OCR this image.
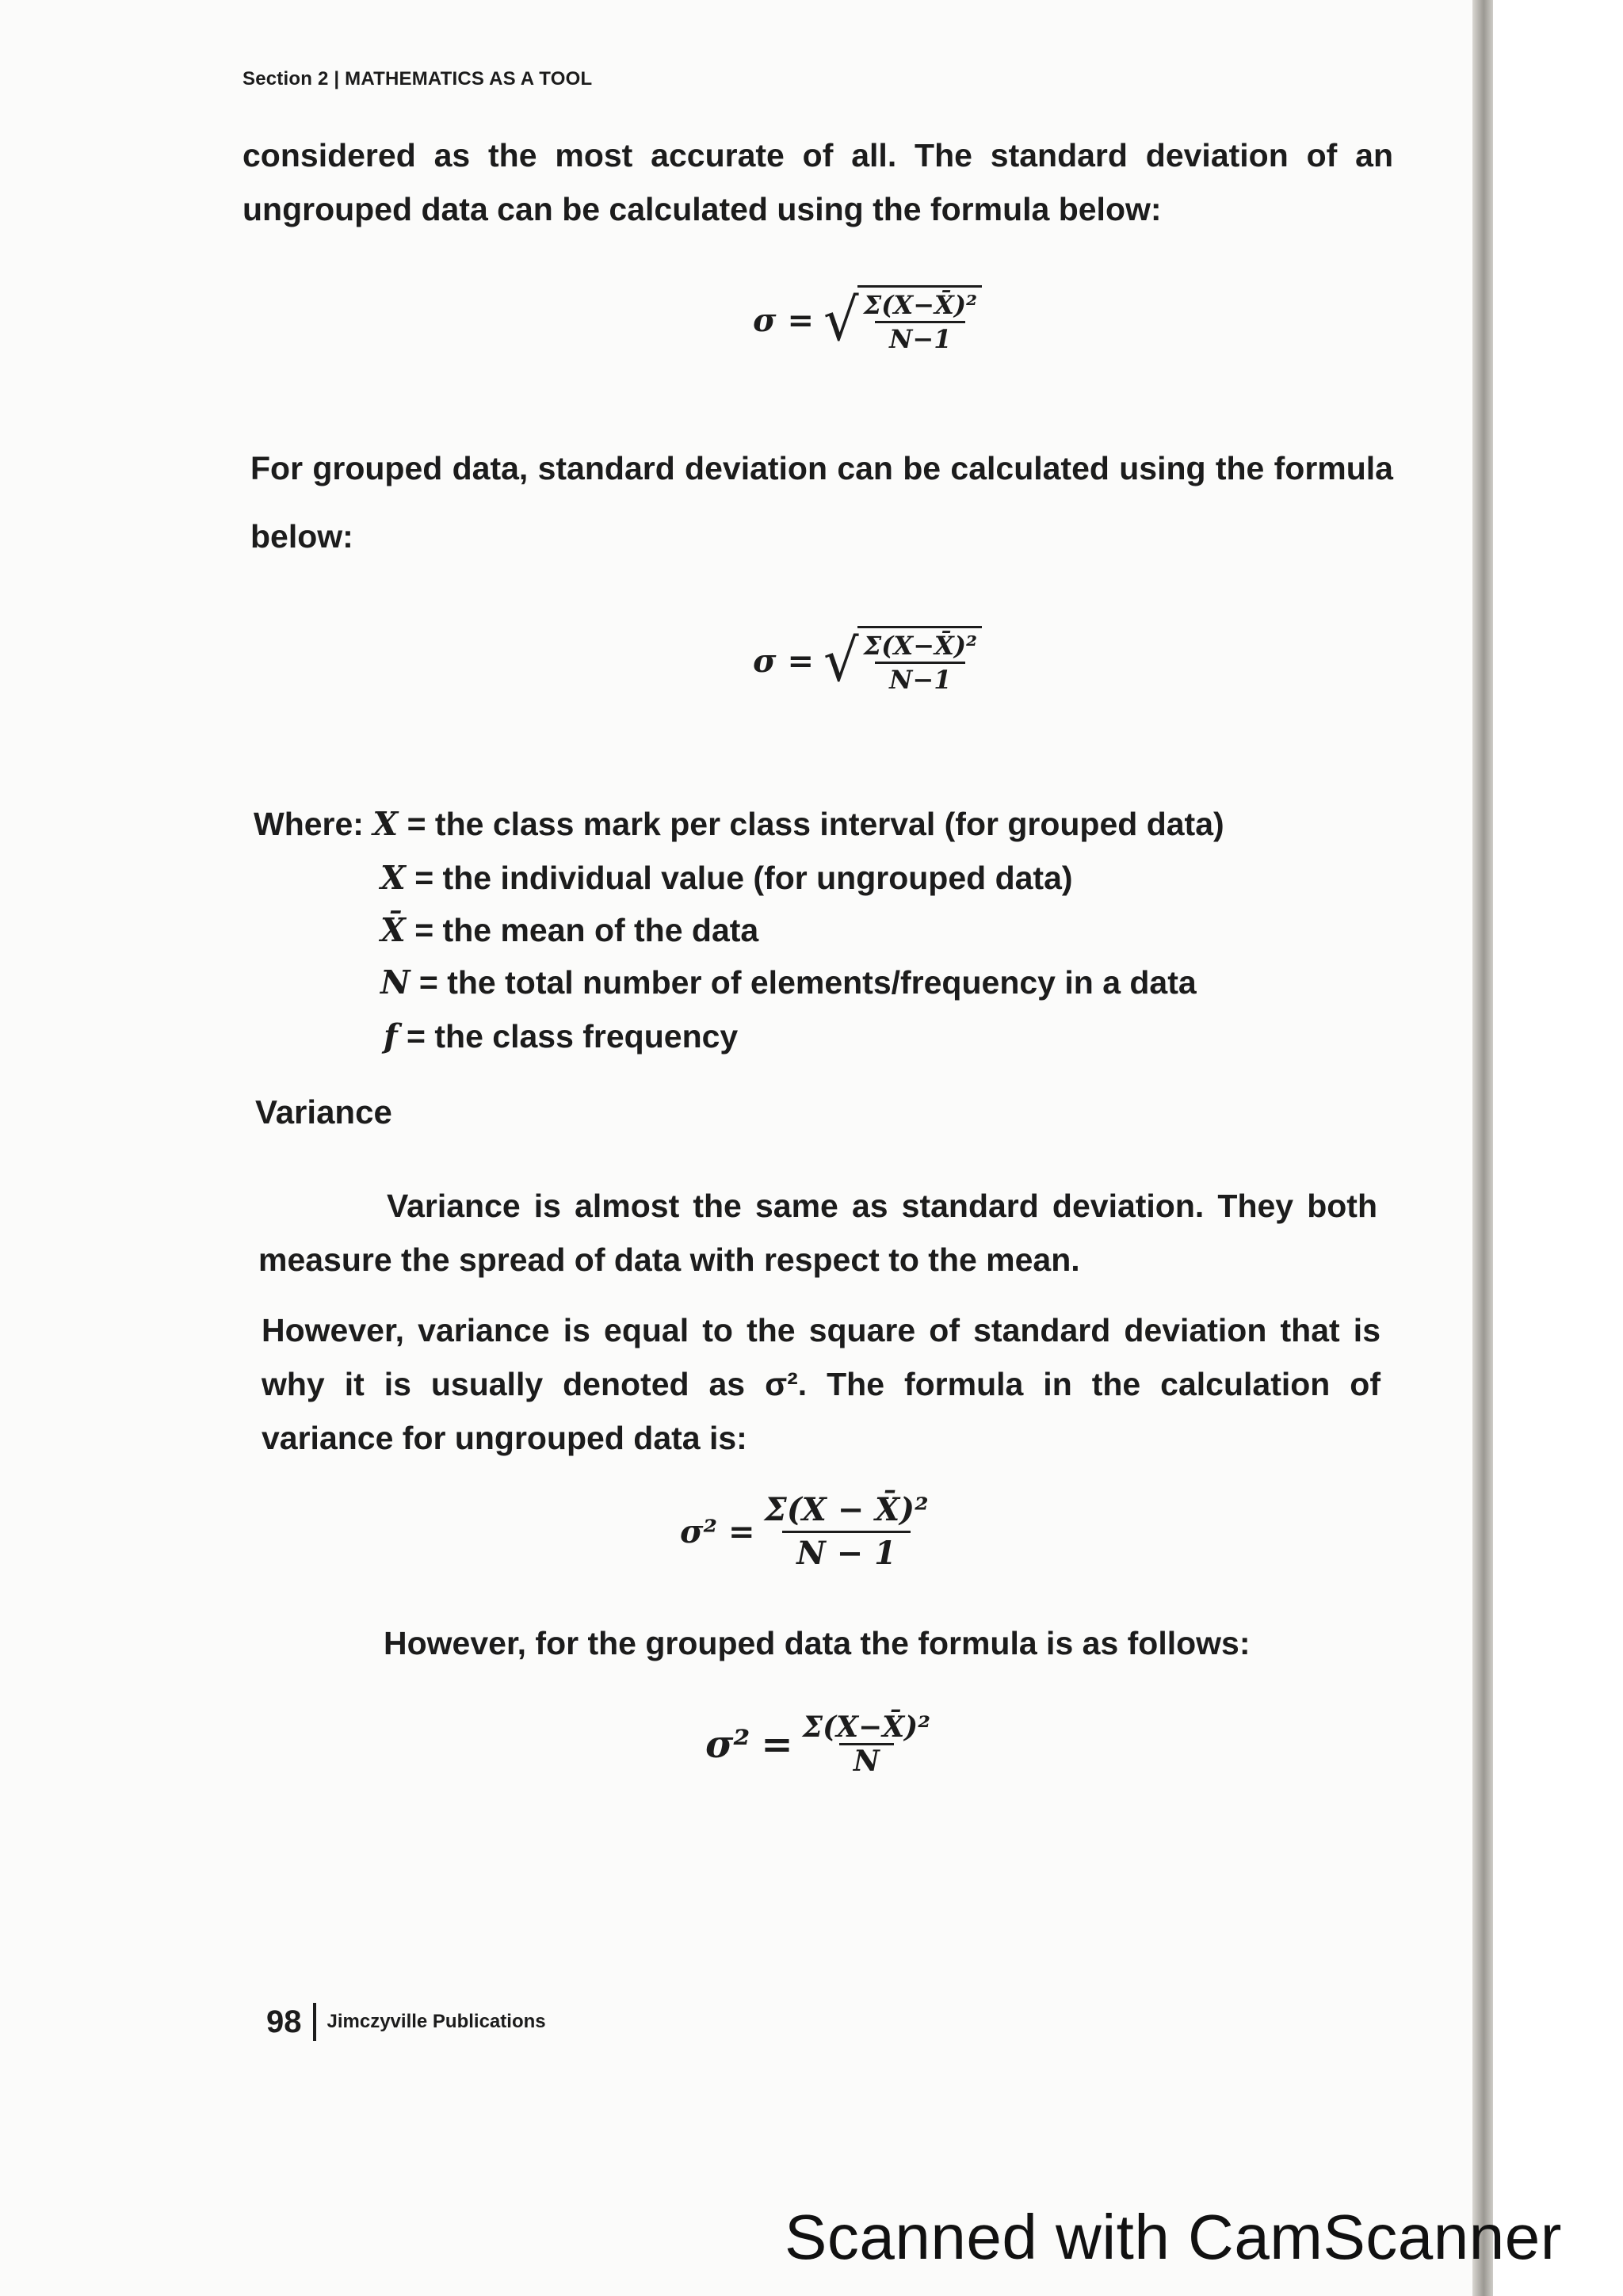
Section 2 | MATHEMATICS AS A TOOL
considered as the most accurate of all. The standard deviation of an ungrouped data can be calculated using the formula below:
σ = √
$\frac{\text{Σ(X−X̄)²}}{N-1}$
For grouped data, standard deviation can be calculated using the formula below:
σ = √
$\frac{\text{Σ(X−X̄)²}}{N-1}$
Where: X = the class mark per class interval (for grouped data)
X = the individual value (for ungrouped data)
X̄ = the mean of the data
N = the total number of elements/frequency in a data
f = the class frequency
Variance
Variance is almost the same as standard deviation. They both measure the spread of data with respect to the mean.
However, variance is equal to the square of standard deviation that is why it is usually denoted as σ². The formula in the calculation of variance for ungrouped data is:
$\sigma^2 = \frac{\text{Σ(X − X̄)²}}{N - 1}$
However, for the grouped data the formula is as follows:
$\sigma^2 = \frac{\text{Σ(X−X̄)²}}{N}$
98 Jimczyville Publications
Scanned with CamScanner
